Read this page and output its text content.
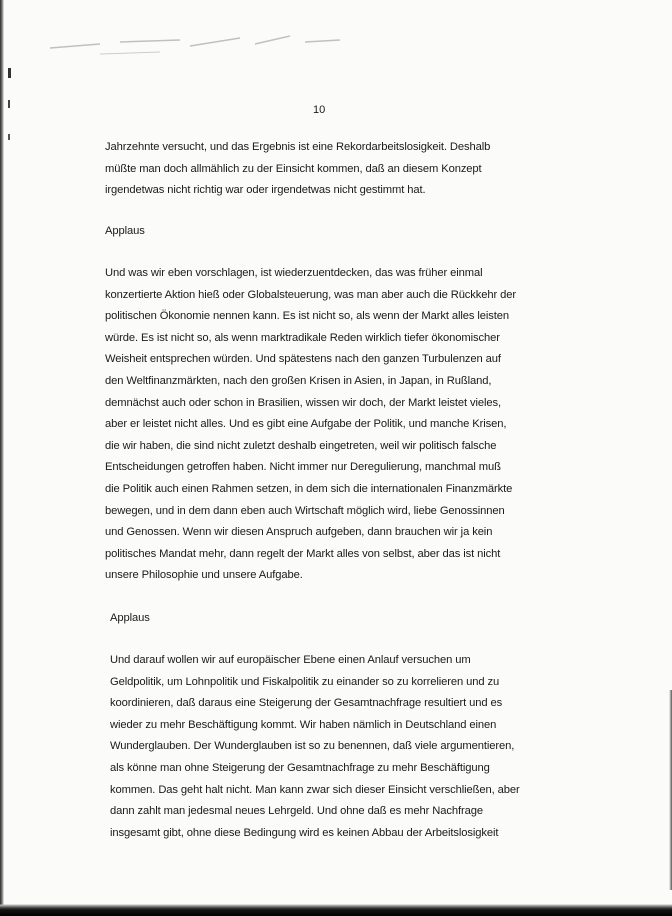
10
Jahrzehnte versucht, und das Ergebnis ist eine Rekordarbeitslosigkeit. Deshalb
müßte man doch allmählich zu der Einsicht kommen, daß an diesem Konzept
irgendetwas nicht richtig war oder irgendetwas nicht gestimmt hat.
Applaus
Und was wir eben vorschlagen, ist wiederzuentdecken, das was früher einmal
konzertierte Aktion hieß oder Globalsteuerung, was man aber auch die Rückkehr der
politischen Ökonomie nennen kann. Es ist nicht so, als wenn der Markt alles leisten
würde. Es ist nicht so, als wenn marktradikale Reden wirklich tiefer ökonomischer
Weisheit entsprechen würden. Und spätestens nach den ganzen Turbulenzen auf
den Weltfinanzmärkten, nach den großen Krisen in Asien, in Japan, in Rußland,
demnächst auch oder schon in Brasilien, wissen wir doch, der Markt leistet vieles,
aber er leistet nicht alles. Und es gibt eine Aufgabe der Politik, und manche Krisen,
die wir haben, die sind nicht zuletzt deshalb eingetreten, weil wir politisch falsche
Entscheidungen getroffen haben. Nicht immer nur Deregulierung, manchmal muß
die Politik auch einen Rahmen setzen, in dem sich die internationalen Finanzmärkte
bewegen, und in dem dann eben auch Wirtschaft möglich wird, liebe Genossinnen
und Genossen. Wenn wir diesen Anspruch aufgeben, dann brauchen wir ja kein
politisches Mandat mehr, dann regelt der Markt alles von selbst, aber das ist nicht
unsere Philosophie und unsere Aufgabe.
Applaus
Und darauf wollen wir auf europäischer Ebene einen Anlauf versuchen um
Geldpolitik, um Lohnpolitik und Fiskalpolitik zu einander so zu korrelieren und zu
koordinieren, daß daraus eine Steigerung der Gesamtnachfrage resultiert und es
wieder zu mehr Beschäftigung kommt. Wir haben nämlich in Deutschland einen
Wunderglauben. Der Wunderglauben ist so zu benennen, daß viele argumentieren,
als könne man ohne Steigerung der Gesamtnachfrage zu mehr Beschäftigung
kommen. Das geht halt nicht. Man kann zwar sich dieser Einsicht verschließen, aber
dann zahlt man jedesmal neues Lehrgeld. Und ohne daß es mehr Nachfrage
insgesamt gibt, ohne diese Bedingung wird es keinen Abbau der Arbeitslosigkeit
